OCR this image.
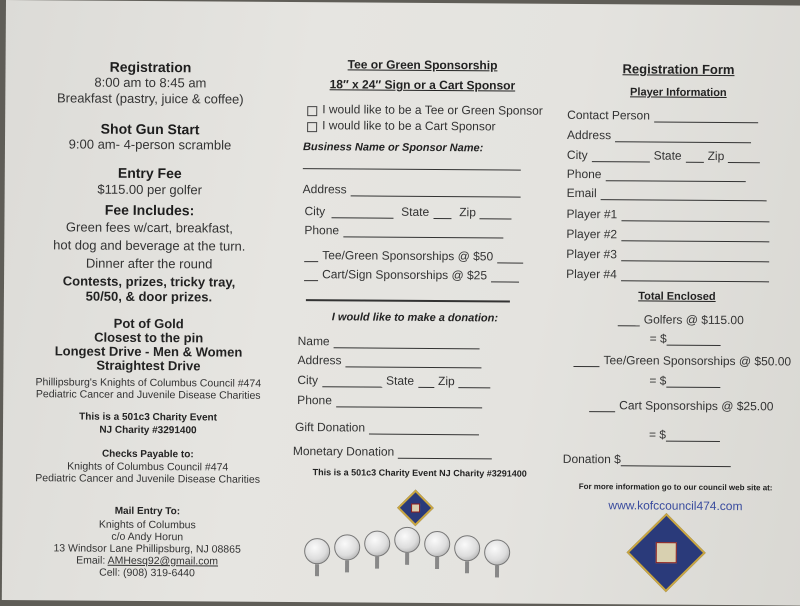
Registration
8:00 am to 8:45 am
Breakfast (pastry, juice & coffee)
Shot Gun Start
9:00 am- 4-person scramble
Entry Fee
$115.00 per golfer
Fee Includes:
Green fees w/cart, breakfast,
hot dog and beverage at the turn.
Dinner after the round
Contests, prizes, tricky tray,
50/50, & door prizes.
Pot of Gold
Closest to the pin
Longest Drive - Men & Women
Straightest Drive
Phillipsburg's Knights of Columbus Council #474
Pediatric Cancer and Juvenile Disease Charities
This is a 501c3 Charity Event
NJ Charity #3291400
Checks Payable to:
Knights of Columbus Council #474
Pediatric Cancer and Juvenile Disease Charities
Mail Entry To:
Knights of Columbus
c/o Andy Horun
13 Windsor Lane Phillipsburg, NJ 08865
Email: AMHesq92@gmail.com
Cell: (908) 319-6440
Tee or Green Sponsorship
18″ x 24″ Sign or a Cart Sponsor
I would like to be a Tee or Green Sponsor
I would like to be a Cart Sponsor
Business Name or Sponsor Name:
Address
City	State Zip
Phone
Tee/Green Sponsorships @ $50
Cart/Sign Sponsorships @ $25
I would like to make a donation:
Name
Address
City	State Zip
Phone
Gift Donation
Monetary Donation
This is a 501c3 Charity Event NJ Charity #3291400
Registration Form
Player Information
Contact Person
Address
City	State Zip
Phone
Email
Player #1
Player #2
Player #3
Player #4
Total Enclosed
Golfers @ $115.00
= $
Tee/Green Sponsorships @ $50.00
= $
Cart Sponsorships @ $25.00
= $
Donation $
For more information go to our council web site at:
www.kofccouncil474.com
